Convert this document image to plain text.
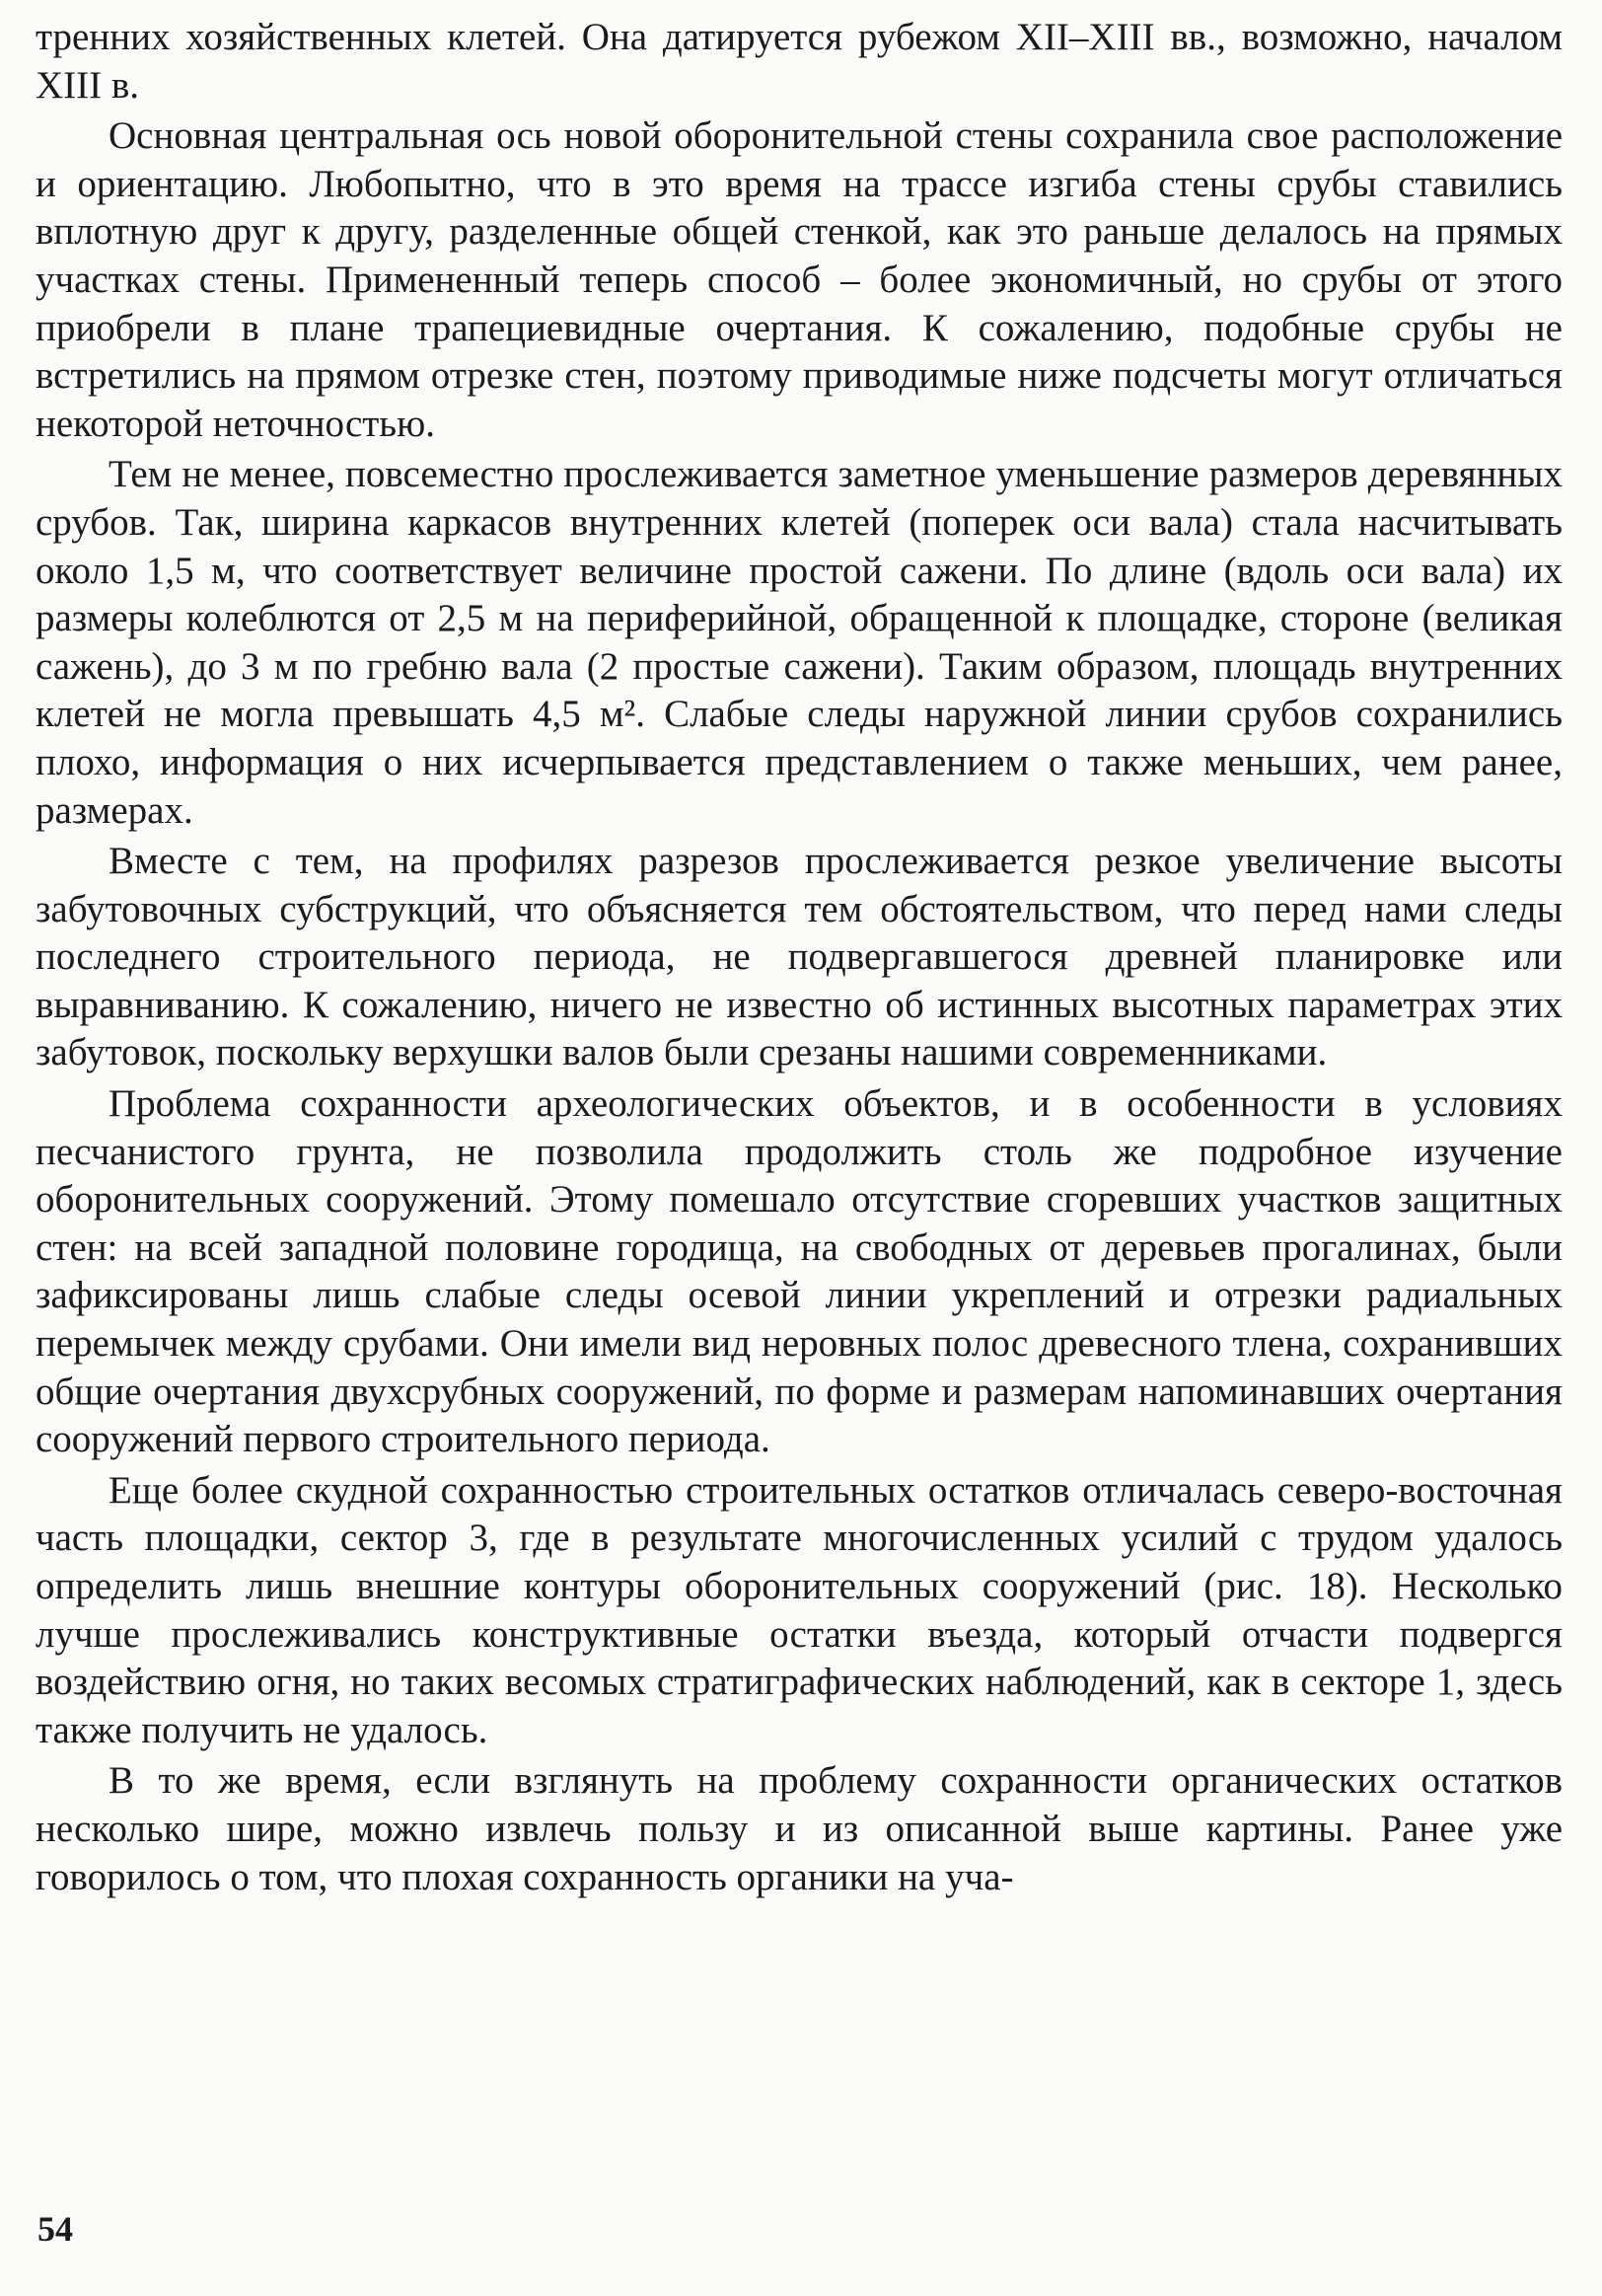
тренних хозяйственных клетей. Она датируется рубежом XII–XIII вв., возможно, началом XIII в.

Основная центральная ось новой оборонительной стены сохранила свое расположение и ориентацию. Любопытно, что в это время на трассе изгиба стены срубы ставились вплотную друг к другу, разделенные общей стенкой, как это раньше делалось на прямых участках стены. Примененный теперь способ – более экономичный, но срубы от этого приобрели в плане трапециевидные очертания. К сожалению, подобные срубы не встретились на прямом отрезке стен, поэтому приводимые ниже подсчеты могут отличаться некоторой неточностью.

Тем не менее, повсеместно прослеживается заметное уменьшение размеров деревянных срубов. Так, ширина каркасов внутренних клетей (поперек оси вала) стала насчитывать около 1,5 м, что соответствует величине простой сажени. По длине (вдоль оси вала) их размеры колеблются от 2,5 м на периферийной, обращенной к площадке, стороне (великая сажень), до 3 м по гребню вала (2 простые сажени). Таким образом, площадь внутренних клетей не могла превышать 4,5 м². Слабые следы наружной линии срубов сохранились плохо, информация о них исчерпывается представлением о также меньших, чем ранее, размерах.

Вместе с тем, на профилях разрезов прослеживается резкое увеличение высоты забутовочных субструкций, что объясняется тем обстоятельством, что перед нами следы последнего строительного периода, не подвергавшегося древней планировке или выравниванию. К сожалению, ничего не известно об истинных высотных параметрах этих забутовок, поскольку верхушки валов были срезаны нашими современниками.

Проблема сохранности археологических объектов, и в особенности в условиях песчанистого грунта, не позволила продолжить столь же подробное изучение оборонительных сооружений. Этому помешало отсутствие сгоревших участков защитных стен: на всей западной половине городища, на свободных от деревьев прогалинах, были зафиксированы лишь слабые следы осевой линии укреплений и отрезки радиальных перемычек между срубами. Они имели вид неровных полос древесного тлена, сохранивших общие очертания двухсрубных сооружений, по форме и размерам напоминавших очертания сооружений первого строительного периода.

Еще более скудной сохранностью строительных остатков отличалась северо-восточная часть площадки, сектор 3, где в результате многочисленных усилий с трудом удалось определить лишь внешние контуры оборонительных сооружений (рис. 18). Несколько лучше прослеживались конструктивные остатки въезда, который отчасти подвергся воздействию огня, но таких весомых стратиграфических наблюдений, как в секторе 1, здесь также получить не удалось.

В то же время, если взглянуть на проблему сохранности органических остатков несколько шире, можно извлечь пользу и из описанной выше картины. Ранее уже говорилось о том, что плохая сохранность органики на уча-

54
